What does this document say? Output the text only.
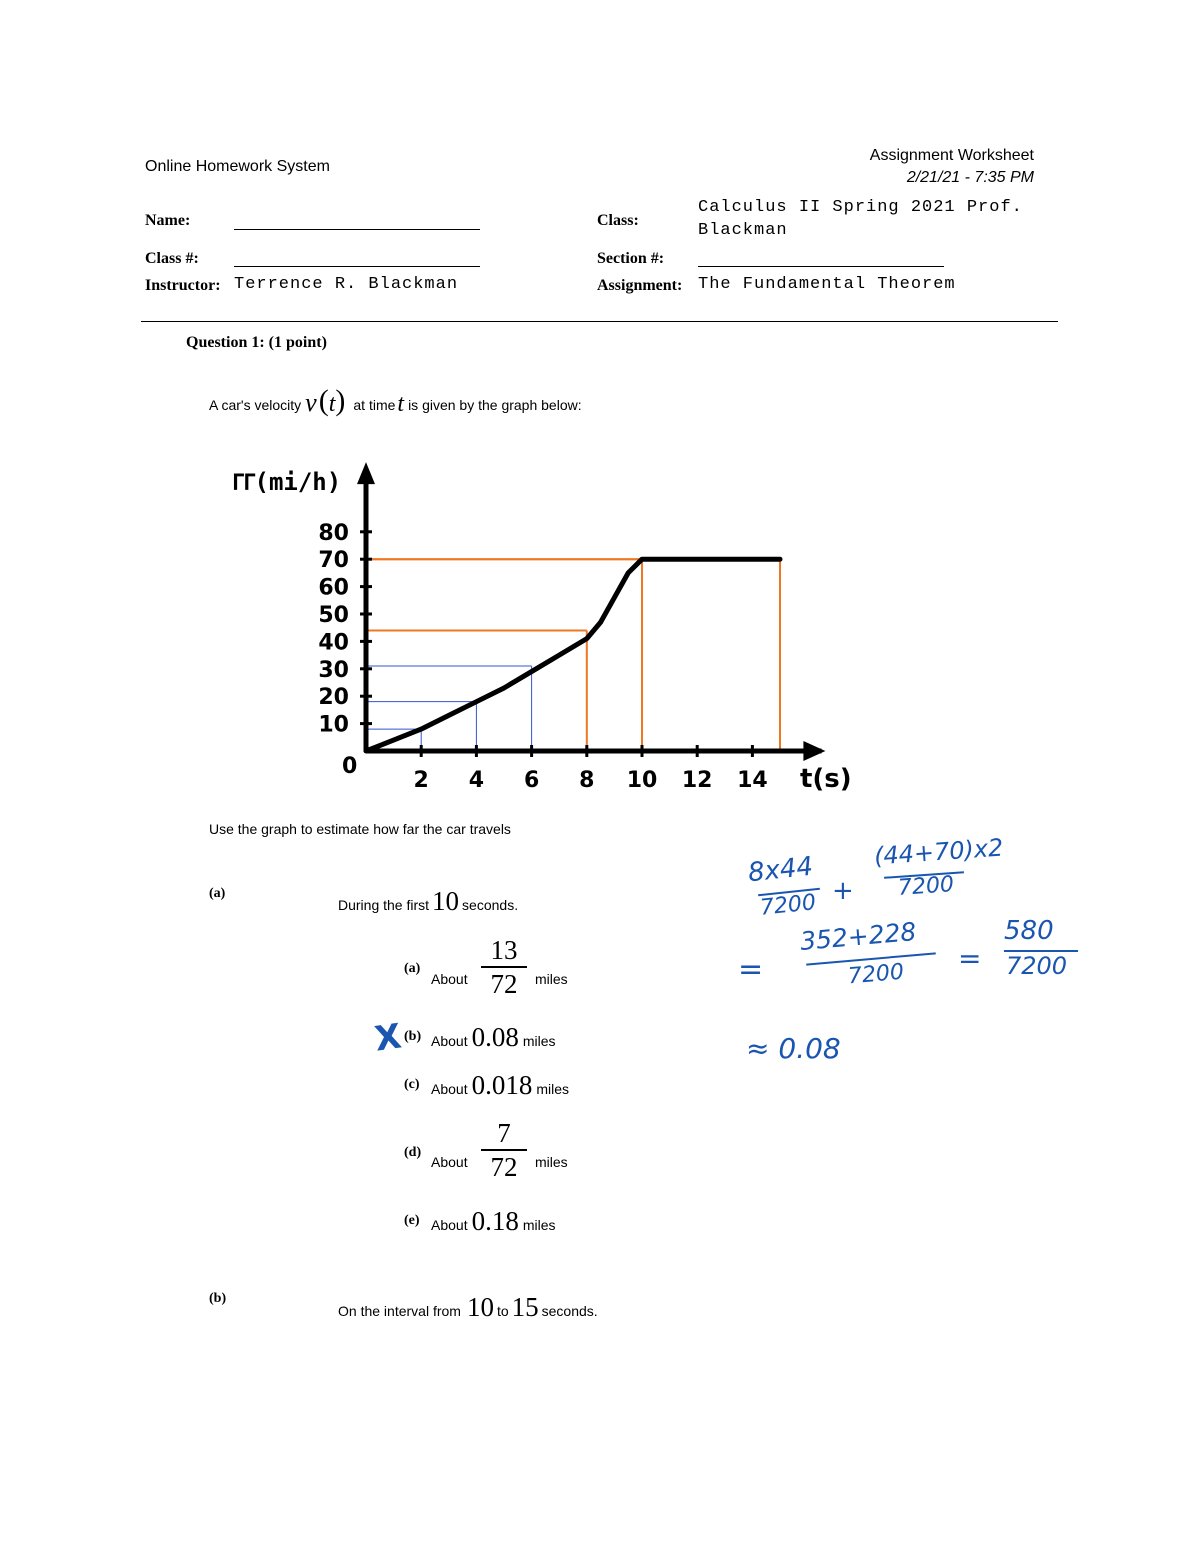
Online Homework System
Assignment Worksheet
2/21/21 - 7:35 PM
Name:	Class:
Calculus II Spring 2021 Prof.
Blackman
Class #:	Section #:
Instructor: Terrence R. Blackman	Assignment: The Fundamental Theorem
Question 1: (1 point)
A car's velocity v ( t ) at time t is given by the graph below:
2 4 6 8 10 12 14
10
20
30
40
50
60
70
80
ΓΓ(mi/h)
t(s)
0
Use the graph to estimate how far the car travels
(a)
During the first 10 seconds.
(a)
About
13
72 miles
X (b) About 0.08 miles
(c) About 0.018 miles
(d)
About
7
72 miles
(e) About 0.18 miles
(b)
On the interval from 10 to 15 seconds.
8x44
7200 +
(44+70)x2
7200
=
352+228
7200 =
580
7200
≈ 0.08
